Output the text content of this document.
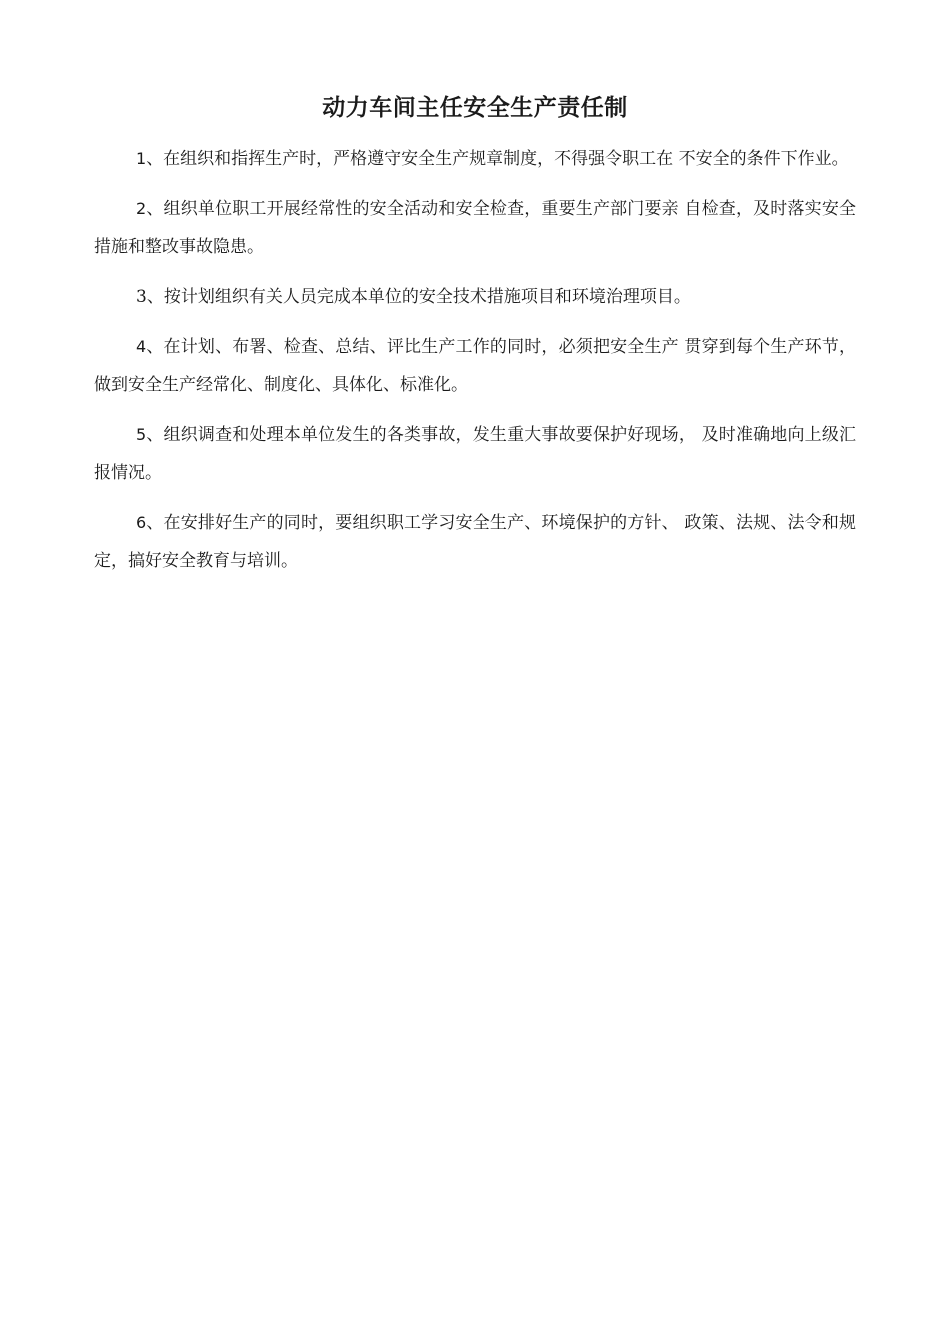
动力车间主任安全生产责任制

1、在组织和指挥生产时，严格遵守安全生产规章制度，不得强令职工在 不安全的条件下作业。

2、组织单位职工开展经常性的安全活动和安全检查，重要生产部门要亲 自检查，及时落实安全措施和整改事故隐患。

3、按计划组织有关人员完成本单位的安全技术措施项目和环境治理项目。

4、在计划、布署、检查、总结、评比生产工作的同时，必须把安全生产 贯穿到每个生产环节，做到安全生产经常化、制度化、具体化、标准化。

5、组织调查和处理本单位发生的各类事故，发生重大事故要保护好现场， 及时准确地向上级汇报情况。

6、在安排好生产的同时，要组织职工学习安全生产、环境保护的方针、 政策、法规、法令和规定，搞好安全教育与培训。
